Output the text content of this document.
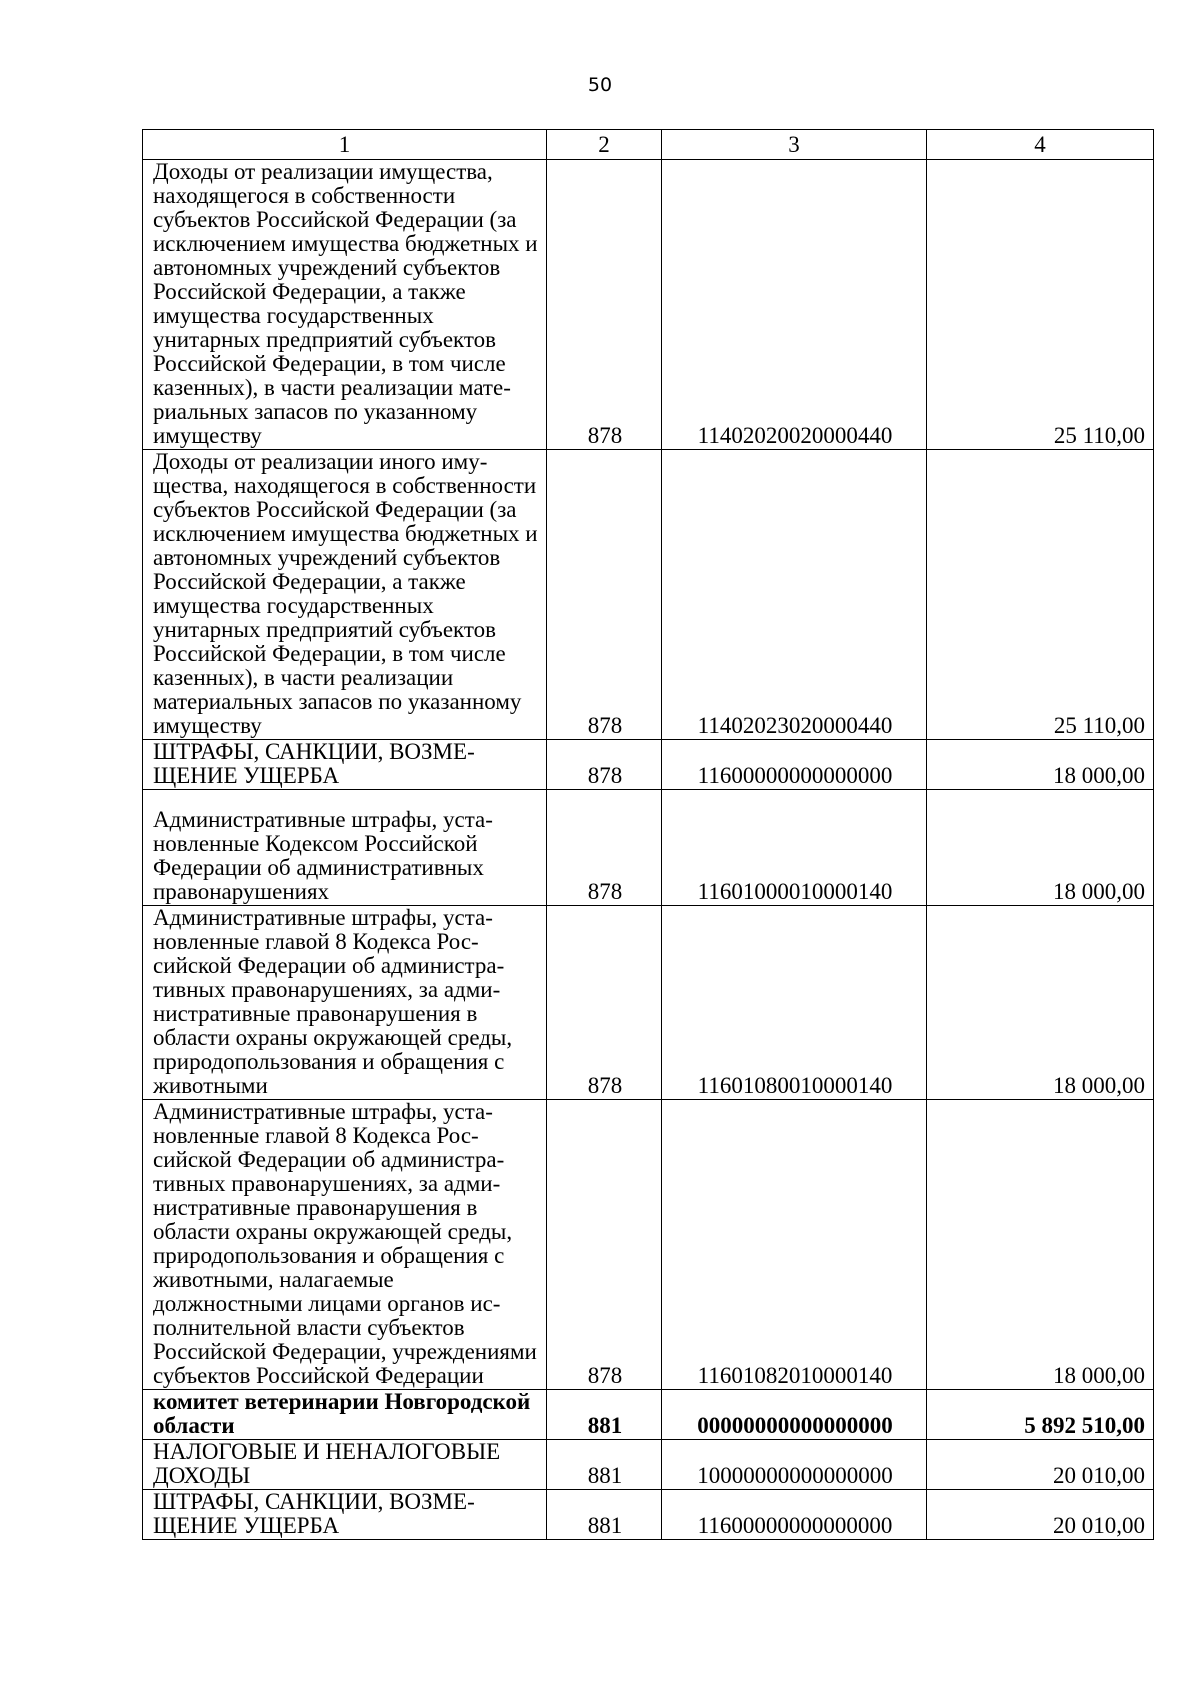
50
1	2	3	4
Доходы от реализации имущества, находящегося в собственности субъектов Российской Федерации (за исключением имущества бюджетных и автономных учреждений субъектов Российской Федерации, а также имущества государственных унитарных предприятий субъектов Российской Федерации, в том числе казенных), в части реализации материальных запасов по указанному имуществу	878	11402020020000440	25 110,00
Доходы от реализации иного имущества, находящегося в собственности субъектов Российской Федерации (за исключением имущества бюджетных и автономных учреждений субъектов Российской Федерации, а также имущества государственных унитарных предприятий субъектов Российской Федерации, в том числе казенных), в части реализации материальных запасов по указанному имуществу	878	11402023020000440	25 110,00
ШТРАФЫ, САНКЦИИ, ВОЗМЕЩЕНИЕ УЩЕРБА	878	11600000000000000	18 000,00
Административные штрафы, установленные Кодексом Российской Федерации об административных правонарушениях	878	11601000010000140	18 000,00
Административные штрафы, установленные главой 8 Кодекса Российской Федерации об административных правонарушениях, за административные правонарушения в области охраны окружающей среды, природопользования и обращения с животными	878	11601080010000140	18 000,00
Административные штрафы, установленные главой 8 Кодекса Российской Федерации об административных правонарушениях, за административные правонарушения в области охраны окружающей среды, природопользования и обращения с животными, налагаемые должностными лицами органов исполнительной власти субъектов Российской Федерации, учреждениями субъектов Российской Федерации	878	11601082010000140	18 000,00
комитет ветеринарии Новгородской области	881	00000000000000000	5 892 510,00
НАЛОГОВЫЕ И НЕНАЛОГОВЫЕ ДОХОДЫ	881	10000000000000000	20 010,00
ШТРАФЫ, САНКЦИИ, ВОЗМЕЩЕНИЕ УЩЕРБА	881	11600000000000000	20 010,00
